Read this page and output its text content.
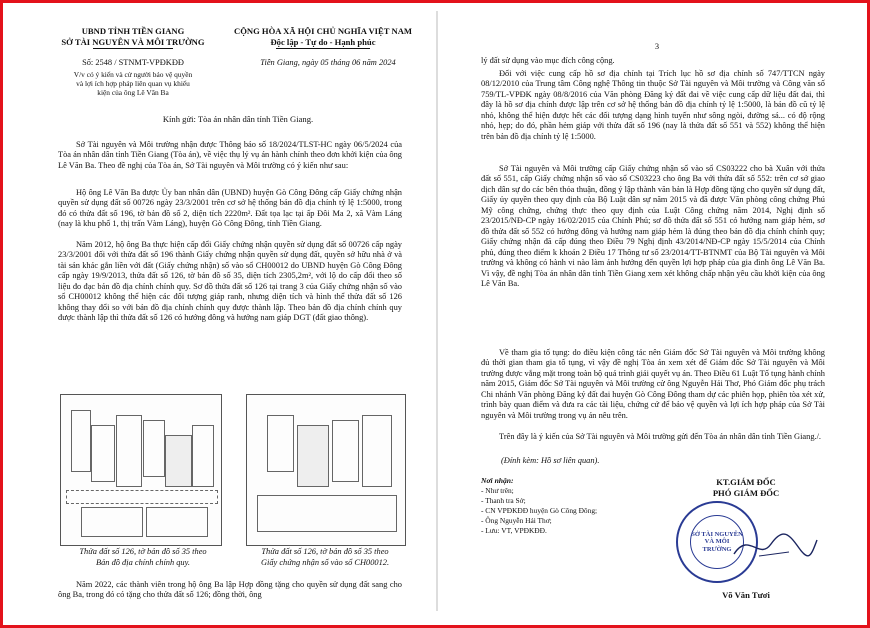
UBND TỈNH TIỀN GIANG
SỞ TÀI NGUYÊN VÀ MÔI TRƯỜNG
Số: 2548 / STNMT-VPĐKĐĐ
V/v có ý kiến và cử người bảo vệ quyền
và lợi ích hợp pháp liên quan vụ khiếu
kiện của ông Lê Văn Ba
CỘNG HÒA XÃ HỘI CHỦ NGHĨA VIỆT NAM
Độc lập - Tự do - Hạnh phúc
Tiền Giang, ngày 05 tháng 06 năm 2024
Kính gửi: Tòa án nhân dân tỉnh Tiền Giang.
Sở Tài nguyên và Môi trường nhận được Thông báo số 18/2024/TLST-HC ngày 06/5/2024 của Tòa án nhân dân tỉnh Tiền Giang (Tòa án), về việc thụ lý vụ án hành chính theo đơn khởi kiện của ông Lê Văn Ba. Theo đề nghị của Tòa án, Sở Tài nguyên và Môi trường có ý kiến như sau:
Hộ ông Lê Văn Ba được Ủy ban nhân dân (UBND) huyện Gò Công Đông cấp Giấy chứng nhận quyền sử dụng đất số 00726 ngày 23/3/2001 trên cơ sở hệ thống bản đồ địa chính tỷ lệ 1:5000, trong đó có thửa đất số 196, tờ bản đồ số 2, diện tích 2220m². Đất tọa lạc tại ấp Đôi Ma 2, xã Vàm Láng (nay là khu phố 1, thị trấn Vàm Láng), huyện Gò Công Đông, tỉnh Tiền Giang.
Năm 2012, hộ ông Ba thực hiện cấp đổi Giấy chứng nhận quyền sử dụng đất số 00726 cấp ngày 23/3/2001 đối với thửa đất số 196 thành Giấy chứng nhận quyền sử dụng đất, quyền sở hữu nhà ở và tài sản khác gắn liền với đất (Giấy chứng nhận) số vào sổ CH00012 do UBND huyện Gò Công Đông cấp ngày 19/9/2013, thửa đất số 126, tờ bản đồ số 35, diện tích 2305,2m², với lộ do cấp đổi theo số liệu đo đạc bản đồ địa chính chính quy. Sơ đồ thửa đất số 126 tại trang 3 của Giấy chứng nhận số vào sổ CH00012 không thể hiện các đối tượng giáp ranh, nhưng diện tích và hình thể thửa đất số 126 không thay đổi so với bản đồ địa chính chính quy được thành lập. Theo bản đồ địa chính chính quy được thành lập thì thửa đất số 126 có hướng đông và hướng nam giáp DGT (đất giao thông).
Thửa đất số 126, tờ bản đồ số 35 theo
Bản đồ địa chính chính quy.
Thửa đất số 126, tờ bản đồ số 35 theo
Giấy chứng nhận số vào sổ CH00012.
Năm 2022, các thành viên trong hộ ông Ba lập Hợp đồng tặng cho quyền sử dụng đất sang cho ông Ba, trong đó có tặng cho thửa đất số 126; đồng thời, ông
3
lý đất sử dụng vào mục đích công cộng.
Đối với việc cung cấp hồ sơ địa chính tại Trích lục hồ sơ địa chính số 747/TTCN ngày 08/12/2010 của Trung tâm Công nghệ Thông tin thuộc Sở Tài nguyên và Môi trường và Công văn số 759/TL-VPĐK ngày 08/8/2016 của Văn phòng Đăng ký đất đai về việc cung cấp dữ liệu đất đai, thì đây là hồ sơ địa chính được lập trên cơ sở hệ thống bản đồ địa chính tỷ lệ 1:5000, là bản đồ cũ tỷ lệ nhỏ, không thể hiện được hết các đối tượng dạng hình tuyến như sông ngòi, đường sá... có độ rộng nhỏ, hẹp; do đó, phần hẻm giáp với thửa đất số 196 (nay là thửa đất số 551 và 552) không thể hiện trên bản đồ địa chính tỷ lệ 1:5000.
Sở Tài nguyên và Môi trường cấp Giấy chứng nhận số vào sổ CS03222 cho bà Xuân với thửa đất số 551, cấp Giấy chứng nhận số vào sổ CS03223 cho ông Ba với thửa đất số 552: trên cơ sở giao dịch dân sự do các bên thỏa thuận, đồng ý lập thành văn bản là Hợp đồng tặng cho quyền sử dụng đất, Giấy ủy quyền theo quy định của Bộ Luật dân sự năm 2015 và đã được Văn phòng công chứng Phú Mỹ công chứng, chứng thực theo quy định của Luật Công chứng năm 2014, Nghị định số 23/2015/NĐ-CP ngày 16/02/2015 của Chính Phủ; sơ đồ thửa đất số 551 có hướng nam giáp hẻm, sơ đồ thửa đất số 552 có hướng đông và hướng nam giáp hẻm là đúng theo bản đồ địa chính chính quy; Giấy chứng nhận đã cấp đúng theo Điều 79 Nghị định 43/2014/NĐ-CP ngày 15/5/2014 của Chính phủ, đúng theo điểm k khoản 2 Điều 17 Thông tư số 23/2014/TT-BTNMT của Bộ Tài nguyên và Môi trường và không có hành vi nào làm ảnh hưởng đến quyền lợi hợp pháp của gia đình ông Lê Văn Ba. Vì vậy, đề nghị Tòa án nhân dân tỉnh Tiền Giang xem xét không chấp nhận yêu cầu khởi kiện của ông Lê Văn Ba.
Về tham gia tố tụng: do điều kiện công tác nên Giám đốc Sở Tài nguyên và Môi trường không đủ thời gian tham gia tố tụng, vì vậy đề nghị Tòa án xem xét để Giám đốc Sở Tài nguyên và Môi trường được vắng mặt trong toàn bộ quá trình giải quyết vụ án. Theo Điều 61 Luật Tố tụng hành chính năm 2015, Giám đốc Sở Tài nguyên và Môi trường cử ông Nguyễn Hải Thơ, Phó Giám đốc phụ trách Chi nhánh Văn phòng Đăng ký đất đai huyện Gò Công Đông tham dự các phiên họp, phiên tòa xét xử, trình bày quan điểm và đưa ra các tài liệu, chứng cứ để bảo vệ quyền và lợi ích hợp pháp của Sở Tài nguyên và Môi trường trong vụ án nêu trên.
Trên đây là ý kiến của Sở Tài nguyên và Môi trường gửi đến Tòa án nhân dân tỉnh Tiền Giang./.
(Đính kèm: Hồ sơ liên quan).
Nơi nhận:
- Như trên;
- Thanh tra Sở;
- CN VPĐKĐĐ huyện Gò Công Đông;
- Ông Nguyễn Hải Thơ;
- Lưu: VT, VPĐKĐĐ.
KT.GIÁM ĐỐC
PHÓ GIÁM ĐỐC
SỞ TÀI NGUYÊN VÀ MÔI TRƯỜNG
Võ Văn Tươi
